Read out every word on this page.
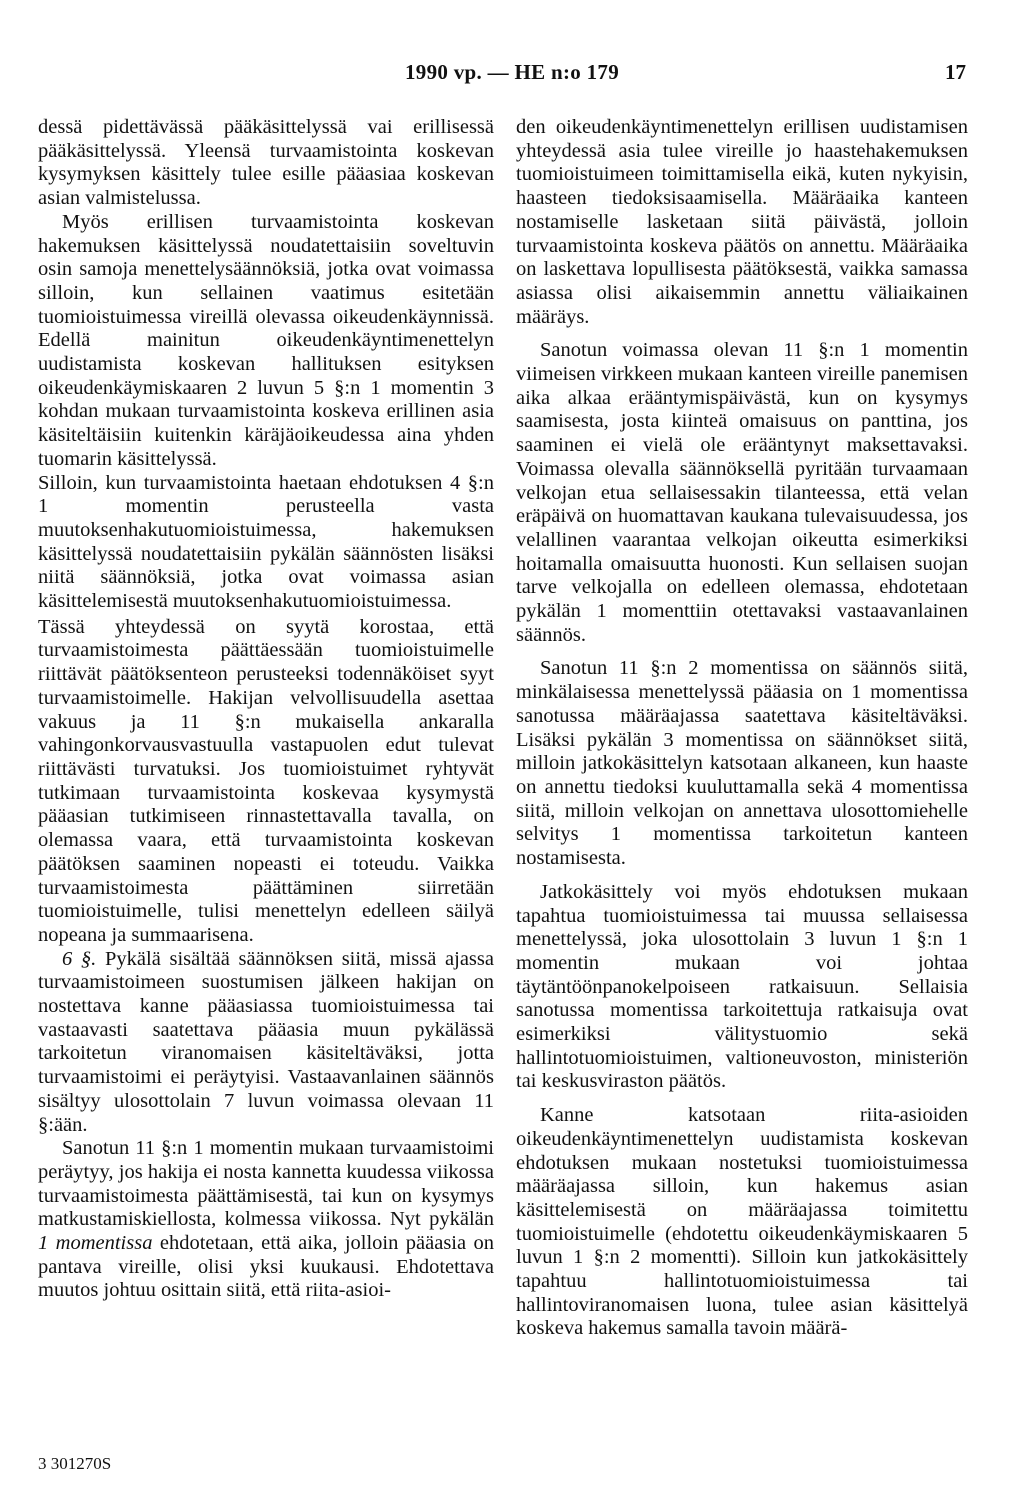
1990 vp. — HE n:o 179	17

dessä pidettävässä pääkäsittelyssä vai erillisessä pääkäsittelyssä. Yleensä turvaamistointa koskevan kysymyksen käsittely tulee esille pääasiaa koskevan asian valmistelussa.

Myös erillisen turvaamistointa koskevan hakemuksen käsittelyssä noudatettaisiin soveltuvin osin samoja menettelysäännöksiä, jotka ovat voimassa silloin, kun sellainen vaatimus esitetään tuomioistuimessa vireillä olevassa oikeudenkäynnissä. Edellä mainitun oikeudenkäyntimenettelyn uudistamista koskevan hallituksen esityksen oikeudenkäymiskaaren 2 luvun 5 §:n 1 momentin 3 kohdan mukaan turvaamistointa koskeva erillinen asia käsiteltäisiin kuitenkin käräjäoikeudessa aina yhden tuomarin käsittelyssä.

Silloin, kun turvaamistointa haetaan ehdotuksen 4 §:n 1 momentin perusteella vasta muutoksenhakutuomioistuimessa, hakemuksen käsittelyssä noudatettaisiin pykälän säännösten lisäksi niitä säännöksiä, jotka ovat voimassa asian käsittelemisestä muutoksenhakutuomioistuimessa.

Tässä yhteydessä on syytä korostaa, että turvaamistoimesta päättäessään tuomioistuimelle riittävät päätöksenteon perusteeksi todennäköiset syyt turvaamistoimelle. Hakijan velvollisuudella asettaa vakuus ja 11 §:n mukaisella ankaralla vahingonkorvausvastuulla vastapuolen edut tulevat riittävästi turvatuksi. Jos tuomioistuimet ryhtyvät tutkimaan turvaamistointa koskevaa kysymystä pääasian tutkimiseen rinnastettavalla tavalla, on olemassa vaara, että turvaamistointa koskevan päätöksen saaminen nopeasti ei toteudu. Vaikka turvaamistoimesta päättäminen siirretään tuomioistuimelle, tulisi menettelyn edelleen säilyä nopeana ja summaarisena.

6 §. Pykälä sisältää säännöksen siitä, missä ajassa turvaamistoimeen suostumisen jälkeen hakijan on nostettava kanne pääasiassa tuomioistuimessa tai vastaavasti saatettava pääasia muun pykälässä tarkoitetun viranomaisen käsiteltäväksi, jotta turvaamistoimi ei peräytyisi. Vastaavanlainen säännös sisältyy ulosottolain 7 luvun voimassa olevaan 11 §:ään.

Sanotun 11 §:n 1 momentin mukaan turvaamistoimi peräytyy, jos hakija ei nosta kannetta kuudessa viikossa turvaamistoimesta päättämisestä, tai kun on kysymys matkustamiskiellosta, kolmessa viikossa. Nyt pykälän 1 momentissa ehdotetaan, että aika, jolloin pääasia on pantava vireille, olisi yksi kuukausi. Ehdotettava muutos johtuu osittain siitä, että riita-asioi-

den oikeudenkäyntimenettelyn erillisen uudistamisen yhteydessä asia tulee vireille jo haastehakemuksen tuomioistuimeen toimittamisella eikä, kuten nykyisin, haasteen tiedoksisaamisella. Määräaika kanteen nostamiselle lasketaan siitä päivästä, jolloin turvaamistointa koskeva päätös on annettu. Määräaika on laskettava lopullisesta päätöksestä, vaikka samassa asiassa olisi aikaisemmin annettu väliaikainen määräys.

Sanotun voimassa olevan 11 §:n 1 momentin viimeisen virkkeen mukaan kanteen vireille panemisen aika alkaa erääntymispäivästä, kun on kysymys saamisesta, josta kiinteä omaisuus on panttina, jos saaminen ei vielä ole erääntynyt maksettavaksi. Voimassa olevalla säännöksellä pyritään turvaamaan velkojan etua sellaisessakin tilanteessa, että velan eräpäivä on huomattavan kaukana tulevaisuudessa, jos velallinen vaarantaa velkojan oikeutta esimerkiksi hoitamalla omaisuutta huonosti. Kun sellaisen suojan tarve velkojalla on edelleen olemassa, ehdotetaan pykälän 1 momenttiin otettavaksi vastaavanlainen säännös.

Sanotun 11 §:n 2 momentissa on säännös siitä, minkälaisessa menettelyssä pääasia on 1 momentissa sanotussa määräajassa saatettava käsiteltäväksi. Lisäksi pykälän 3 momentissa on säännökset siitä, milloin jatkokäsittelyn katsotaan alkaneen, kun haaste on annettu tiedoksi kuuluttamalla sekä 4 momentissa siitä, milloin velkojan on annettava ulosottomiehelle selvitys 1 momentissa tarkoitetun kanteen nostamisesta.

Jatkokäsittely voi myös ehdotuksen mukaan tapahtua tuomioistuimessa tai muussa sellaisessa menettelyssä, joka ulosottolain 3 luvun 1 §:n 1 momentin mukaan voi johtaa täytäntöönpanokelpoiseen ratkaisuun. Sellaisia sanotussa momentissa tarkoitettuja ratkaisuja ovat esimerkiksi välitystuomio sekä hallintotuomioistuimen, valtioneuvoston, ministeriön tai keskusviraston päätös.

Kanne katsotaan riita-asioiden oikeudenkäyntimenettelyn uudistamista koskevan ehdotuksen mukaan nostetuksi tuomioistuimessa määräajassa silloin, kun hakemus asian käsittelemisestä on määräajassa toimitettu tuomioistuimelle (ehdotettu oikeudenkäymiskaaren 5 luvun 1 §:n 2 momentti). Silloin kun jatkokäsittely tapahtuu hallintotuomioistuimessa tai hallintoviranomaisen luona, tulee asian käsittelyä koskeva hakemus samalla tavoin määrä-

3 301270S
